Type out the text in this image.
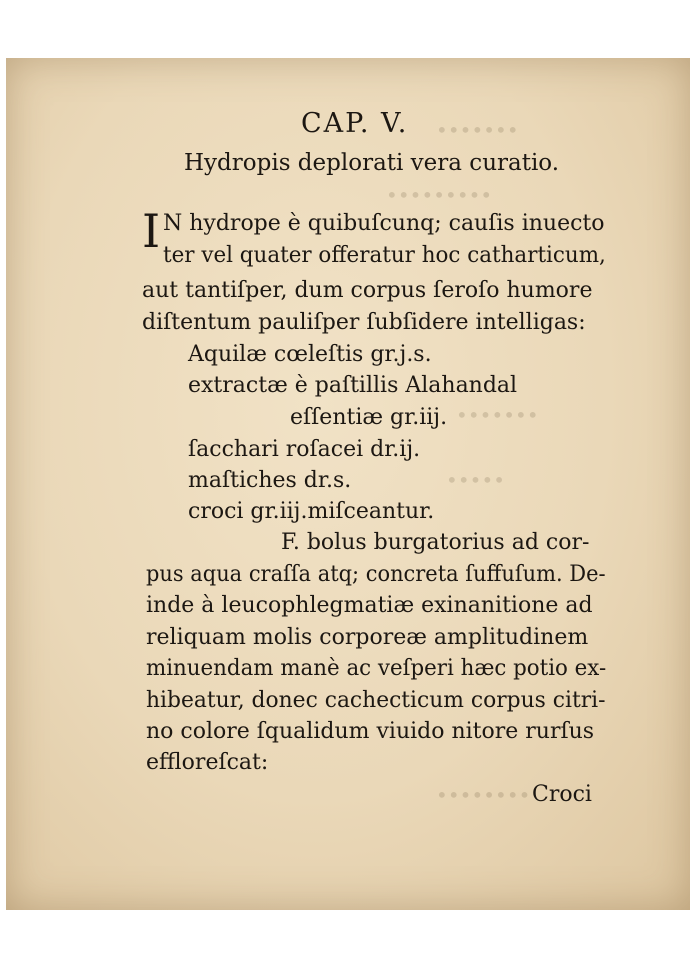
•••••••
•••••••••
•••••••
•••••
••••••••
CAP. V.
Hydropis deplorati vera curatio.
I N hydrope è quibuſcunq; cauſis inuecto
ter vel quater offeratur hoc catharticum,
aut tantiſper, dum corpus ſeroſo humore
diſtentum pauliſper ſubſidere intelligas:
Aquilæ cœleſtis gr.j.s.
extractæ è paſtillis Alahandal
eſſentiæ gr.iij.
ſacchari roſacei dr.ij.
maſtiches dr.s.
croci gr.iij.miſceantur.
F. bolus burgatorius ad cor-
pus aqua craſſa atq; concreta ſuffuſum. De-
inde à leucophlegmatiæ exinanitione ad
reliquam molis corporeæ amplitudinem
minuendam manè ac veſperi hæc potio ex-
hibeatur, donec cachecticum corpus citri-
no colore ſqualidum viuido nitore rurſus
effloreſcat:
Croci
